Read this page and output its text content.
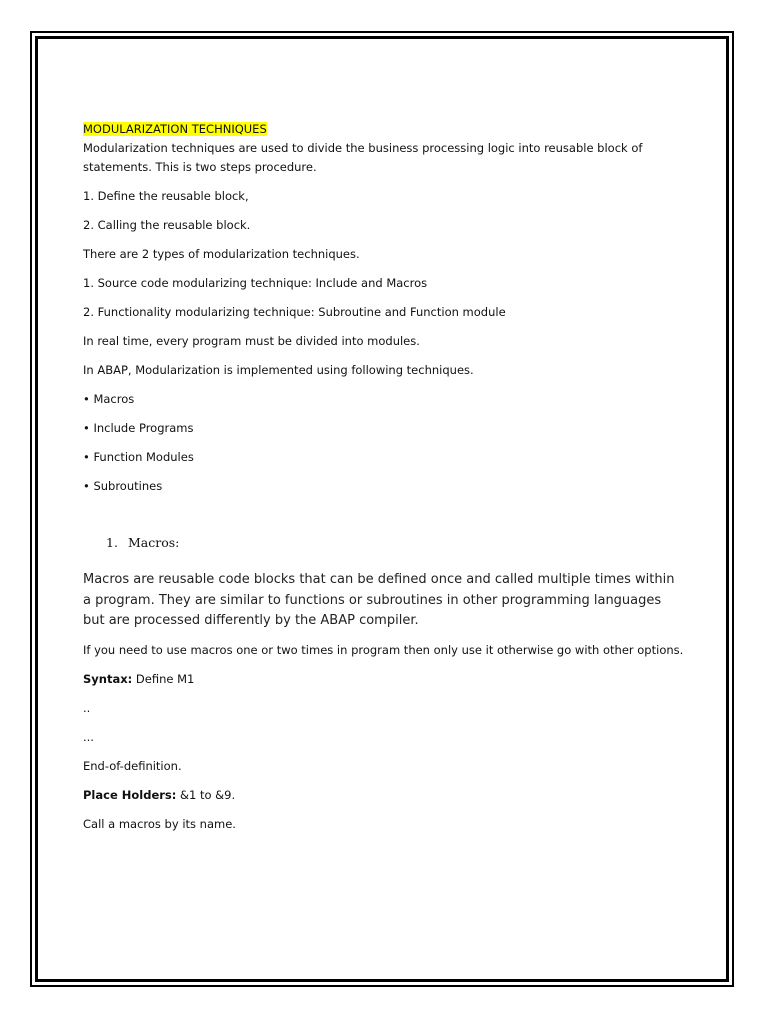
MODULARIZATION TECHNIQUES

Modularization techniques are used to divide the business processing logic into reusable block of statements. This is two steps procedure.

1. Define the reusable block,

2. Calling the reusable block.

There are 2 types of modularization techniques.

1. Source code modularizing technique: Include and Macros

2. Functionality modularizing technique: Subroutine and Function module

In real time, every program must be divided into modules.

In ABAP, Modularization is implemented using following techniques.

• Macros

• Include Programs

• Function Modules

• Subroutines

1. Macros:

Macros are reusable code blocks that can be defined once and called multiple times within a program. They are similar to functions or subroutines in other programming languages but are processed differently by the ABAP compiler.

If you need to use macros one or two times in program then only use it otherwise go with other options.

Syntax: Define M1

..

...

End-of-definition.

Place Holders: &1 to &9.

Call a macros by its name.
